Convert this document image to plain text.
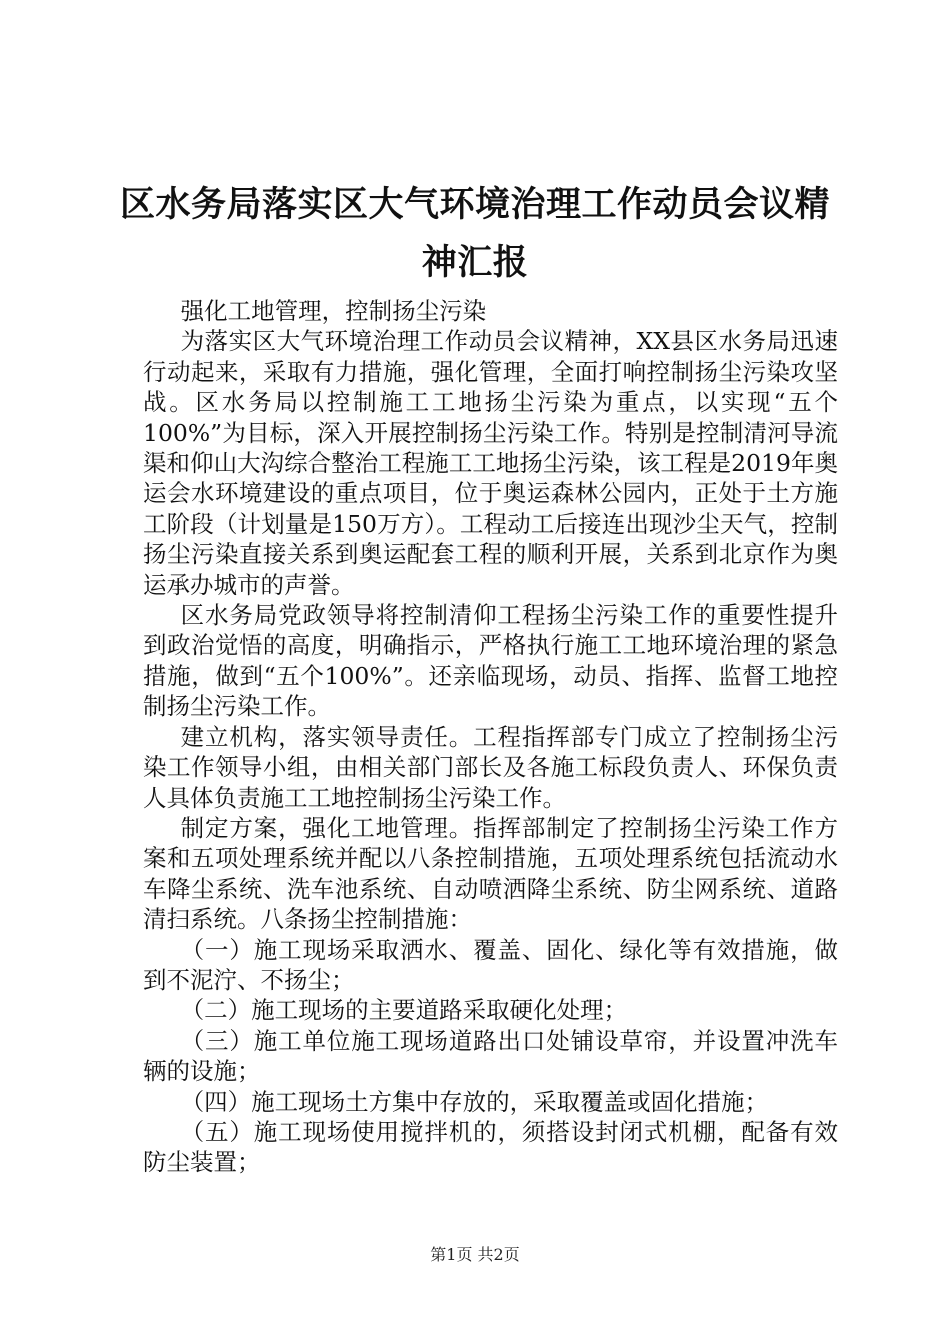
区水务局落实区大气环境治理工作动员会议精神汇报

强化工地管理，控制扬尘污染

为落实区大气环境治理工作动员会议精神，XX县区水务局迅速行动起来，采取有力措施，强化管理，全面打响控制扬尘污染攻坚战。区水务局以控制施工工地扬尘污染为重点，以实现“五个100%”为目标，深入开展控制扬尘污染工作。特别是控制清河导流渠和仰山大沟综合整治工程施工工地扬尘污染，该工程是2019年奥运会水环境建设的重点项目，位于奥运森林公园内，正处于土方施工阶段（计划量是150万方）。工程动工后接连出现沙尘天气，控制扬尘污染直接关系到奥运配套工程的顺利开展，关系到北京作为奥运承办城市的声誉。

区水务局党政领导将控制清仰工程扬尘污染工作的重要性提升到政治觉悟的高度，明确指示，严格执行施工工地环境治理的紧急措施，做到“五个100%”。还亲临现场，动员、指挥、监督工地控制扬尘污染工作。

建立机构，落实领导责任。工程指挥部专门成立了控制扬尘污染工作领导小组，由相关部门部长及各施工标段负责人、环保负责人具体负责施工工地控制扬尘污染工作。

制定方案，强化工地管理。指挥部制定了控制扬尘污染工作方案和五项处理系统并配以八条控制措施，五项处理系统包括流动水车降尘系统、洗车池系统、自动喷洒降尘系统、防尘网系统、道路清扫系统。八条扬尘控制措施：

（一）施工现场采取洒水、覆盖、固化、绿化等有效措施，做到不泥泞、不扬尘；

（二）施工现场的主要道路采取硬化处理；

（三）施工单位施工现场道路出口处铺设草帘，并设置冲洗车辆的设施；

（四）施工现场土方集中存放的，采取覆盖或固化措施；

（五）施工现场使用搅拌机的，须搭设封闭式机棚，配备有效防尘装置；

第1页 共2页
